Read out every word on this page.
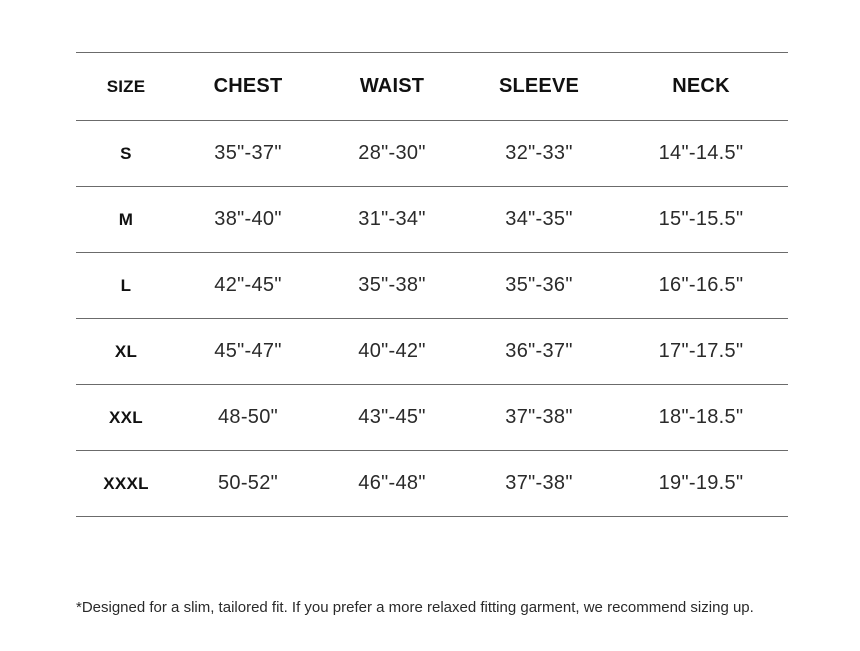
SIZE	CHEST	WAIST	SLEEVE	NECK
S	35"-37"	28"-30"	32"-33"	14"-14.5"
M	38"-40"	31"-34"	34"-35"	15"-15.5"
L	42"-45"	35"-38"	35"-36"	16"-16.5"
XL	45"-47"	40"-42"	36"-37"	17"-17.5"
XXL	48-50"	43"-45"	37"-38"	18"-18.5"
XXXL	50-52"	46"-48"	37"-38"	19"-19.5"

*Designed for a slim, tailored fit. If you prefer a more relaxed fitting garment, we recommend sizing up.
